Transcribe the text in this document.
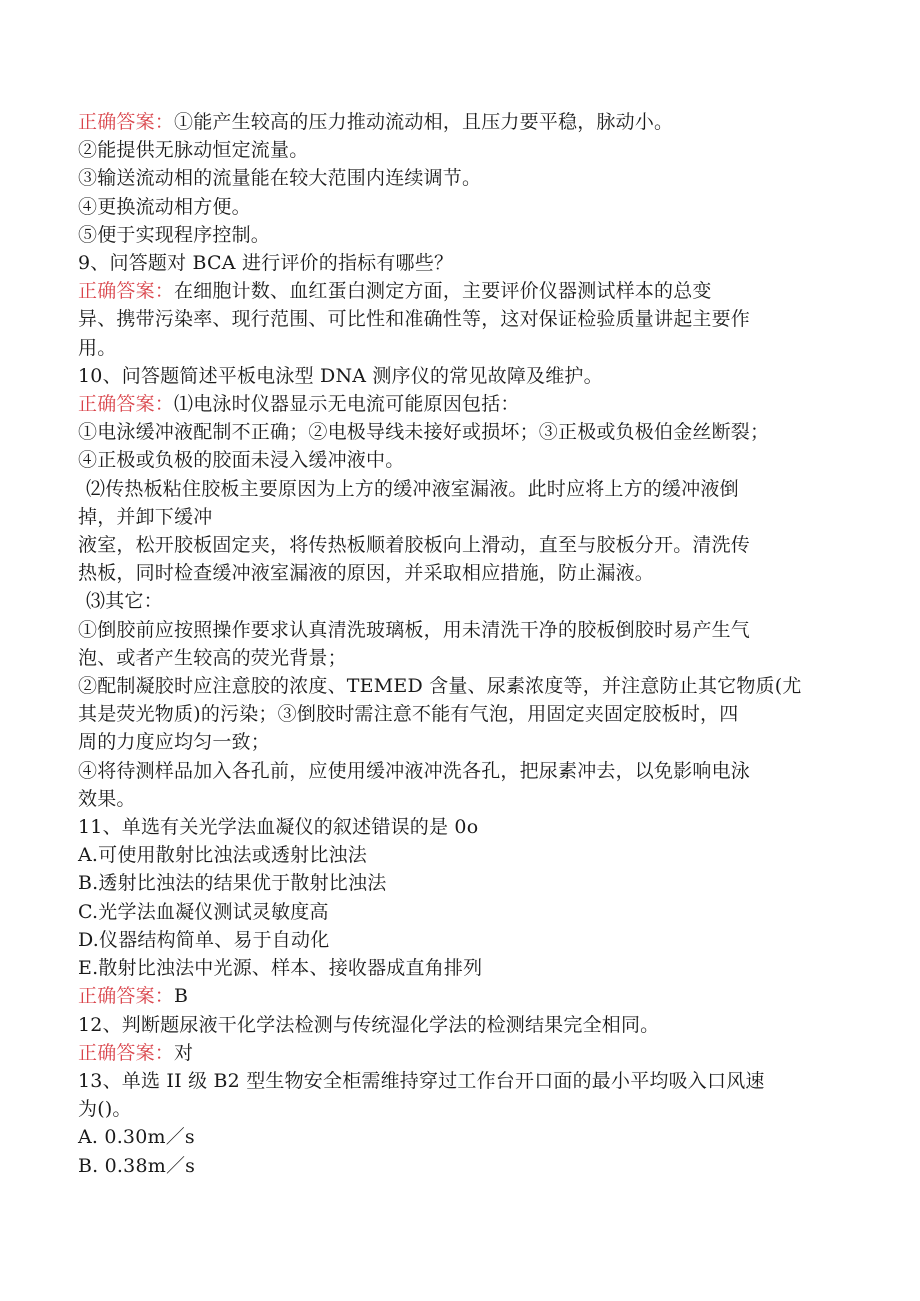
正确答案：①能产生较高的压力推动流动相，且压力要平稳，脉动小。
②能提供无脉动恒定流量。
③输送流动相的流量能在较大范围内连续调节。
④更换流动相方便。
⑤便于实现程序控制。
9、问答题对 BCA 进行评价的指标有哪些？
正确答案：在细胞计数、血红蛋白测定方面，主要评价仪器测试样本的总变
异、携带污染率、现行范围、可比性和准确性等，这对保证检验质量讲起主要作
用。
10、问答题简述平板电泳型 DNA 测序仪的常见故障及维护。
正确答案：⑴电泳时仪器显示无电流可能原因包括：
①电泳缓冲液配制不正确；②电极导线未接好或损坏；③正极或负极伯金丝断裂；
④正极或负极的胶面未浸入缓冲液中。
⑵传热板粘住胶板主要原因为上方的缓冲液室漏液。此时应将上方的缓冲液倒
掉，并卸下缓冲
液室，松开胶板固定夹，将传热板顺着胶板向上滑动，直至与胶板分开。清洗传
热板，同时检查缓冲液室漏液的原因，并采取相应措施，防止漏液。
⑶其它：
①倒胶前应按照操作要求认真清洗玻璃板，用未清洗干净的胶板倒胶时易产生气
泡、或者产生较高的荧光背景；
②配制凝胶时应注意胶的浓度、TEMED 含量、尿素浓度等，并注意防止其它物质(尤
其是荧光物质)的污染；③倒胶时需注意不能有气泡，用固定夹固定胶板时，四
周的力度应均匀一致；
④将待测样品加入各孔前，应使用缓冲液冲洗各孔，把尿素冲去，以免影响电泳
效果。
11、单选有关光学法血凝仪的叙述错误的是 0o
A.可使用散射比浊法或透射比浊法
B.透射比浊法的结果优于散射比浊法
C.光学法血凝仪测试灵敏度高
D.仪器结构简单、易于自动化
E.散射比浊法中光源、样本、接收器成直角排列
正确答案：B
12、判断题尿液干化学法检测与传统湿化学法的检测结果完全相同。
正确答案：对
13、单选 II 级 B2 型生物安全柜需维持穿过工作台开口面的最小平均吸入口风速
为()。
A. 0.30m／s
B. 0.38m／s
